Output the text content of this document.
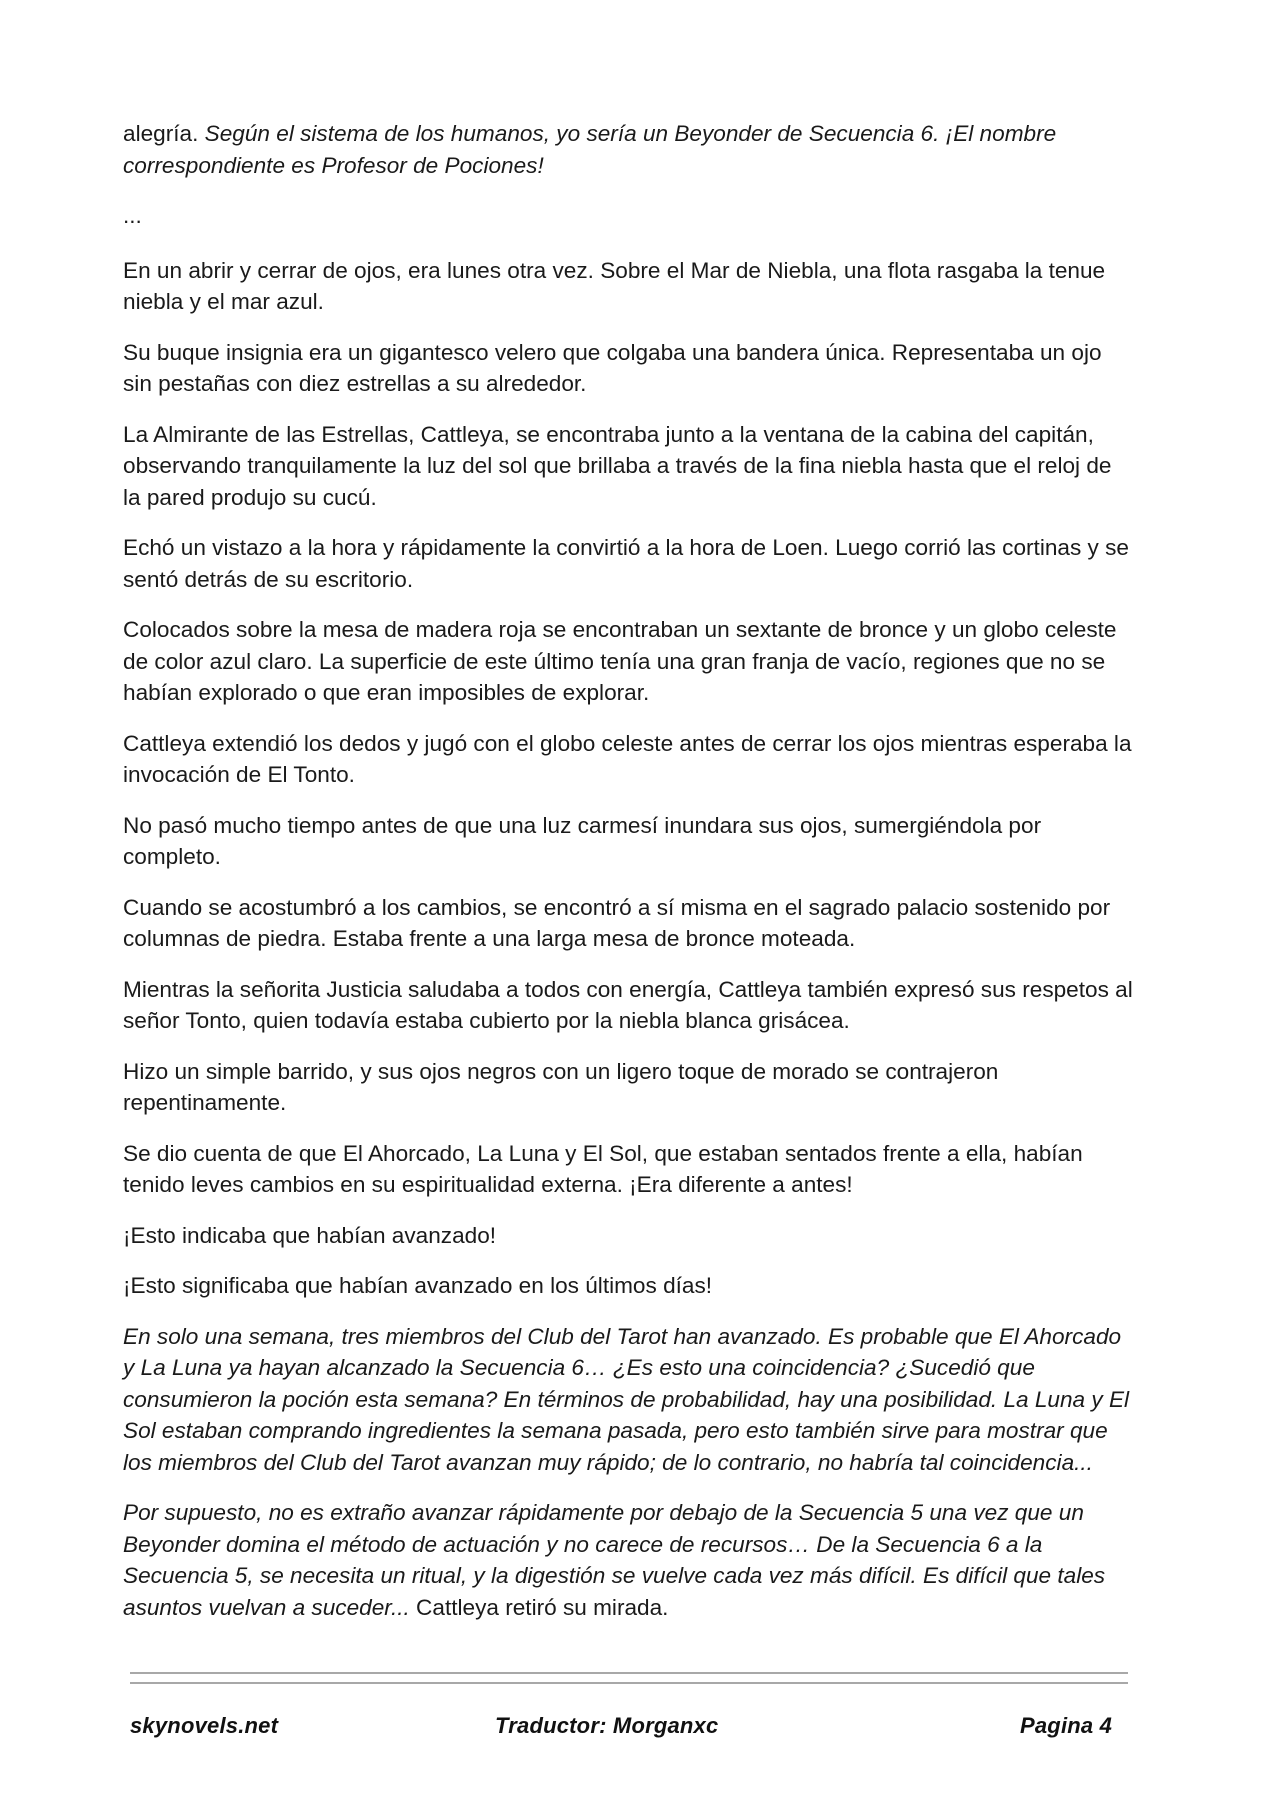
alegría. Según el sistema de los humanos, yo sería un Beyonder de Secuencia 6. ¡El nombre correspondiente es Profesor de Pociones!

...

En un abrir y cerrar de ojos, era lunes otra vez. Sobre el Mar de Niebla, una flota rasgaba la tenue niebla y el mar azul.

Su buque insignia era un gigantesco velero que colgaba una bandera única. Representaba un ojo sin pestañas con diez estrellas a su alrededor.

La Almirante de las Estrellas, Cattleya, se encontraba junto a la ventana de la cabina del capitán, observando tranquilamente la luz del sol que brillaba a través de la fina niebla hasta que el reloj de la pared produjo su cucú.

Echó un vistazo a la hora y rápidamente la convirtió a la hora de Loen. Luego corrió las cortinas y se sentó detrás de su escritorio.

Colocados sobre la mesa de madera roja se encontraban un sextante de bronce y un globo celeste de color azul claro. La superficie de este último tenía una gran franja de vacío, regiones que no se habían explorado o que eran imposibles de explorar.

Cattleya extendió los dedos y jugó con el globo celeste antes de cerrar los ojos mientras esperaba la invocación de El Tonto.

No pasó mucho tiempo antes de que una luz carmesí inundara sus ojos, sumergiéndola por completo.

Cuando se acostumbró a los cambios, se encontró a sí misma en el sagrado palacio sostenido por columnas de piedra. Estaba frente a una larga mesa de bronce moteada.

Mientras la señorita Justicia saludaba a todos con energía, Cattleya también expresó sus respetos al señor Tonto, quien todavía estaba cubierto por la niebla blanca grisácea.

Hizo un simple barrido, y sus ojos negros con un ligero toque de morado se contrajeron repentinamente.

Se dio cuenta de que El Ahorcado, La Luna y El Sol, que estaban sentados frente a ella, habían tenido leves cambios en su espiritualidad externa. ¡Era diferente a antes!

¡Esto indicaba que habían avanzado!

¡Esto significaba que habían avanzado en los últimos días!

En solo una semana, tres miembros del Club del Tarot han avanzado. Es probable que El Ahorcado y La Luna ya hayan alcanzado la Secuencia 6… ¿Es esto una coincidencia? ¿Sucedió que consumieron la poción esta semana? En términos de probabilidad, hay una posibilidad. La Luna y El Sol estaban comprando ingredientes la semana pasada, pero esto también sirve para mostrar que los miembros del Club del Tarot avanzan muy rápido; de lo contrario, no habría tal coincidencia...

Por supuesto, no es extraño avanzar rápidamente por debajo de la Secuencia 5 una vez que un Beyonder domina el método de actuación y no carece de recursos… De la Secuencia 6 a la Secuencia 5, se necesita un ritual, y la digestión se vuelve cada vez más difícil. Es difícil que tales asuntos vuelvan a suceder... Cattleya retiró su mirada.

skynovels.net	Traductor: Morganxc	Pagina 4
